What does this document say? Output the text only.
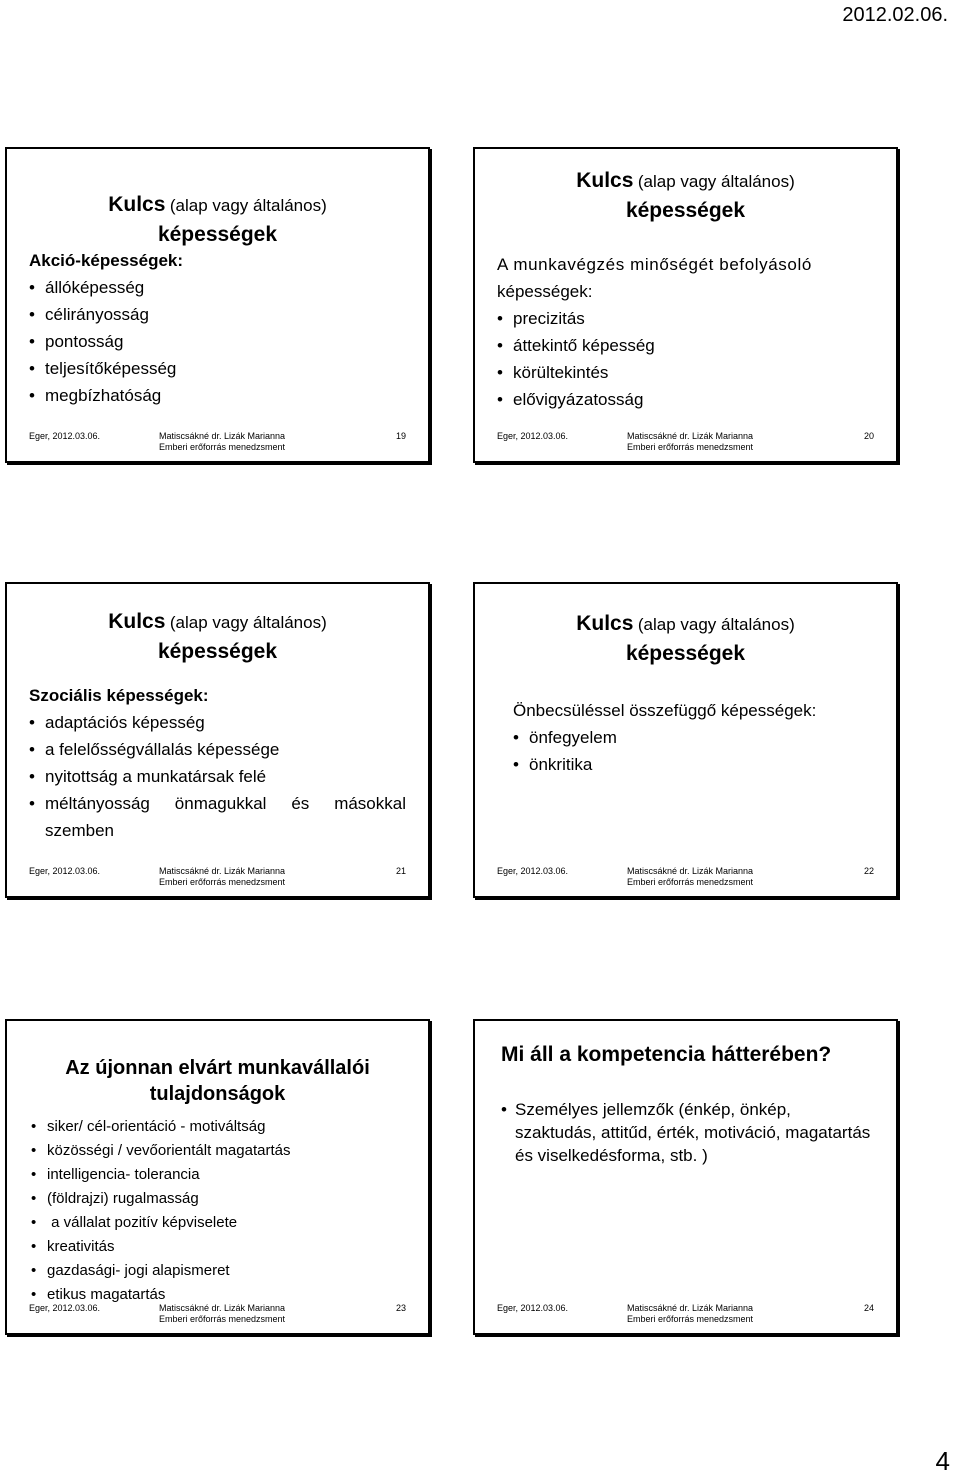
2012.02.06.
Kulcs (alap vagy általános)
képességek
Akció-képességek:
• állóképesség
• célirányosság
• pontosság
• teljesítőképesség
• megbízhatóság
Eger, 2012.03.06.	Matiscsákné dr. Lizák Marianna
Emberi erőforrás menedzsment
19
Kulcs (alap vagy általános)
képességek
A munkavégzés minőségét befolyásoló
képességek:
• precizitás
• áttekintő képesség
• körültekintés
• elővigyázatosság
Eger, 2012.03.06.	Matiscsákné dr. Lizák Marianna
Emberi erőforrás menedzsment
20
Kulcs (alap vagy általános)
képességek
Szociális képességek:
• adaptációs képesség
• a felelősségvállalás képessége
• nyitottság a munkatársak felé
• méltányosság önmagukkal és másokkal szemben
Eger, 2012.03.06.	Matiscsákné dr. Lizák Marianna
Emberi erőforrás menedzsment
21
Kulcs (alap vagy általános)
képességek
Önbecsüléssel összefüggő képességek:
• önfegyelem
• önkritika
Eger, 2012.03.06.	Matiscsákné dr. Lizák Marianna
Emberi erőforrás menedzsment
22
Az újonnan elvárt munkavállalói
tulajdonságok
• siker/ cél-orientáció - motiváltság
• közösségi / vevőorientált magatartás
• intelligencia- tolerancia
• (földrajzi) rugalmasság
• a vállalat pozitív képviselete
• kreativitás
• gazdasági- jogi alapismeret
• etikus magatartás
Eger, 2012.03.06.	Matiscsákné dr. Lizák Marianna
Emberi erőforrás menedzsment
23
Mi áll a kompetencia hátterében?
• Személyes jellemzők (énkép, önkép, szaktudás, attitűd, érték, motiváció, magatartás és viselkedésforma, stb. )
Eger, 2012.03.06.	Matiscsákné dr. Lizák Marianna
Emberi erőforrás menedzsment
24
4
